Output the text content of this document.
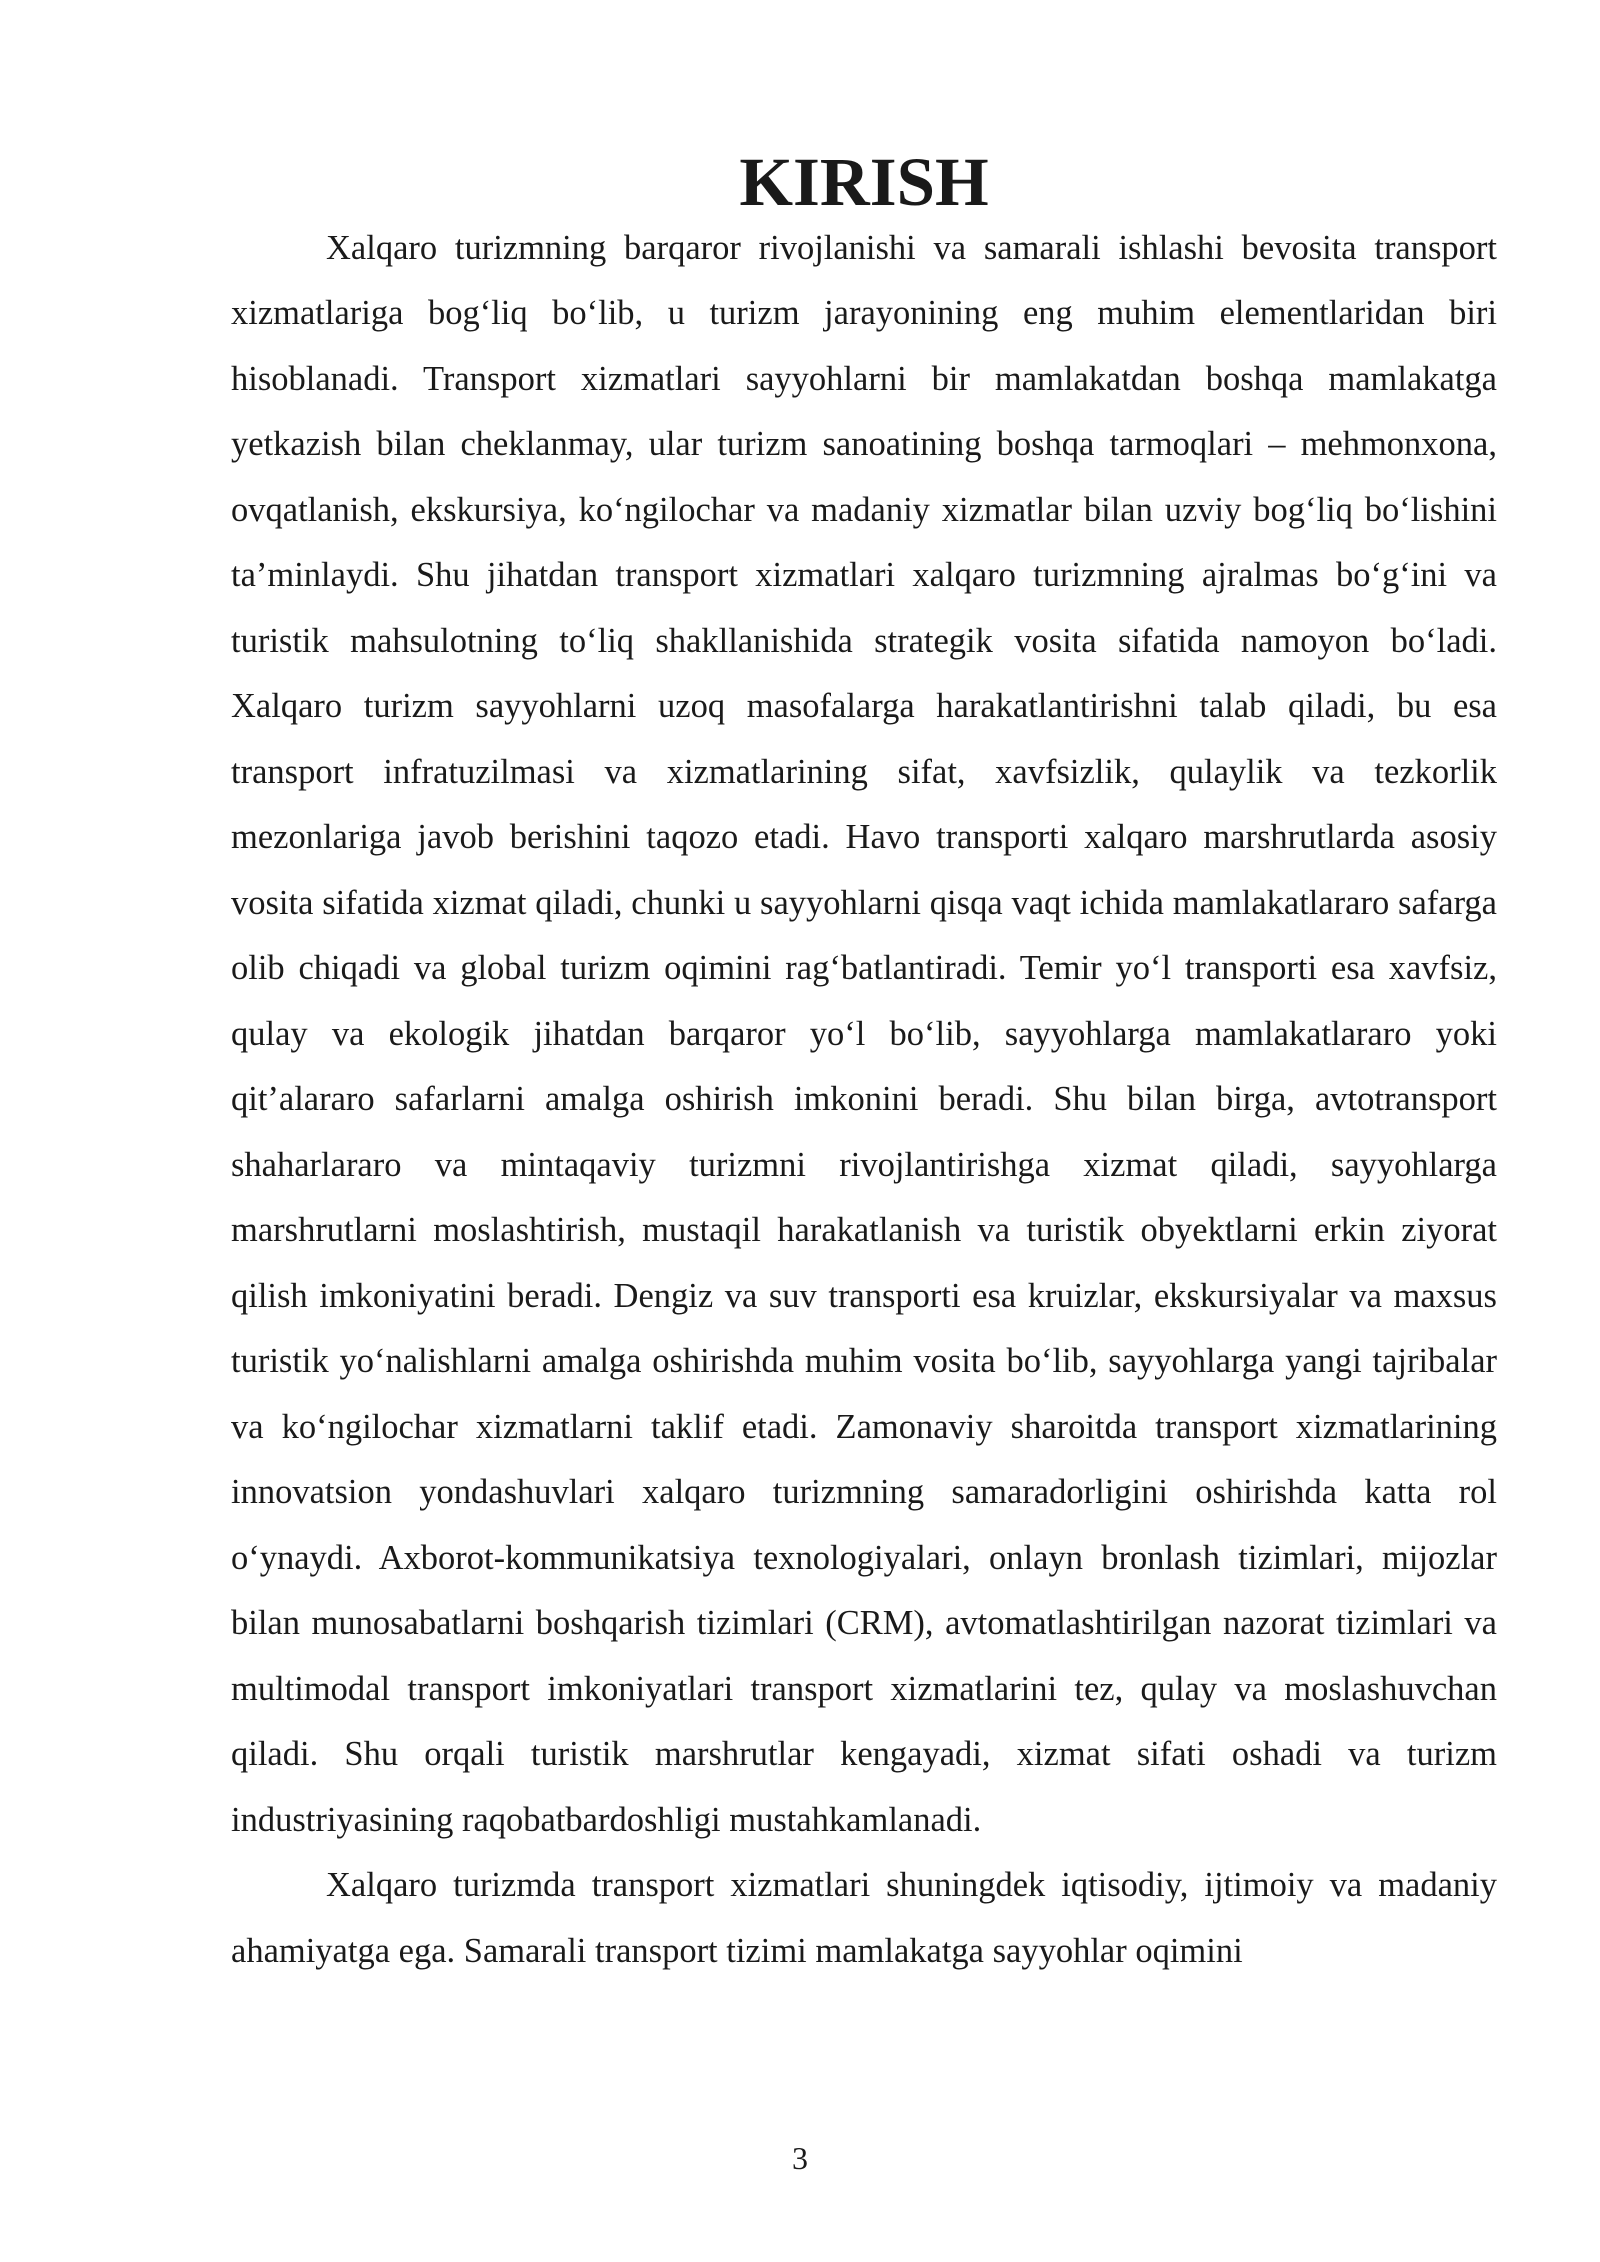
KIRISH

Xalqaro turizmning barqaror rivojlanishi va samarali ishlashi bevosita transport xizmatlariga bog‘liq bo‘lib, u turizm jarayonining eng muhim elementlaridan biri hisoblanadi. Transport xizmatlari sayyohlarni bir mamlakatdan boshqa mamlakatga yetkazish bilan cheklanmay, ular turizm sanoatining boshqa tarmoqlari – mehmonxona, ovqatlanish, ekskursiya, ko‘ngilochar va madaniy xizmatlar bilan uzviy bog‘liq bo‘lishini ta’minlaydi. Shu jihatdan transport xizmatlari xalqaro turizmning ajralmas bo‘g‘ini va turistik mahsulotning to‘liq shakllanishida strategik vosita sifatida namoyon bo‘ladi. Xalqaro turizm sayyohlarni uzoq masofalarga harakatlantirishni talab qiladi, bu esa transport infratuzilmasi va xizmatlarining sifat, xavfsizlik, qulaylik va tezkorlik mezonlariga javob berishini taqozo etadi. Havo transporti xalqaro marshrutlarda asosiy vosita sifatida xizmat qiladi, chunki u sayyohlarni qisqa vaqt ichida mamlakatlararo safarga olib chiqadi va global turizm oqimini rag‘batlantiradi. Temir yo‘l transporti esa xavfsiz, qulay va ekologik jihatdan barqaror yo‘l bo‘lib, sayyohlarga mamlakatlararo yoki qit’alararo safarlarni amalga oshirish imkonini beradi. Shu bilan birga, avtotransport shaharlararo va mintaqaviy turizmni rivojlantirishga xizmat qiladi, sayyohlarga marshrutlarni moslashtirish, mustaqil harakatlanish va turistik obyektlarni erkin ziyorat qilish imkoniyatini beradi. Dengiz va suv transporti esa kruizlar, ekskursiyalar va maxsus turistik yo‘nalishlarni amalga oshirishda muhim vosita bo‘lib, sayyohlarga yangi tajribalar va ko‘ngilochar xizmatlarni taklif etadi. Zamonaviy sharoitda transport xizmatlarining innovatsion yondashuvlari xalqaro turizmning samaradorligini oshirishda katta rol o‘ynaydi. Axborot-kommunikatsiya texnologiyalari, onlayn bronlash tizimlari, mijozlar bilan munosabatlarni boshqarish tizimlari (CRM), avtomatlashtirilgan nazorat tizimlari va multimodal transport imkoniyatlari transport xizmatlarini tez, qulay va moslashuvchan qiladi. Shu orqali turistik marshrutlar kengayadi, xizmat sifati oshadi va turizm industriyasining raqobatbardoshligi mustahkamlanadi.

Xalqaro turizmda transport xizmatlari shuningdek iqtisodiy, ijtimoiy va madaniy ahamiyatga ega. Samarali transport tizimi mamlakatga sayyohlar oqimini

3
